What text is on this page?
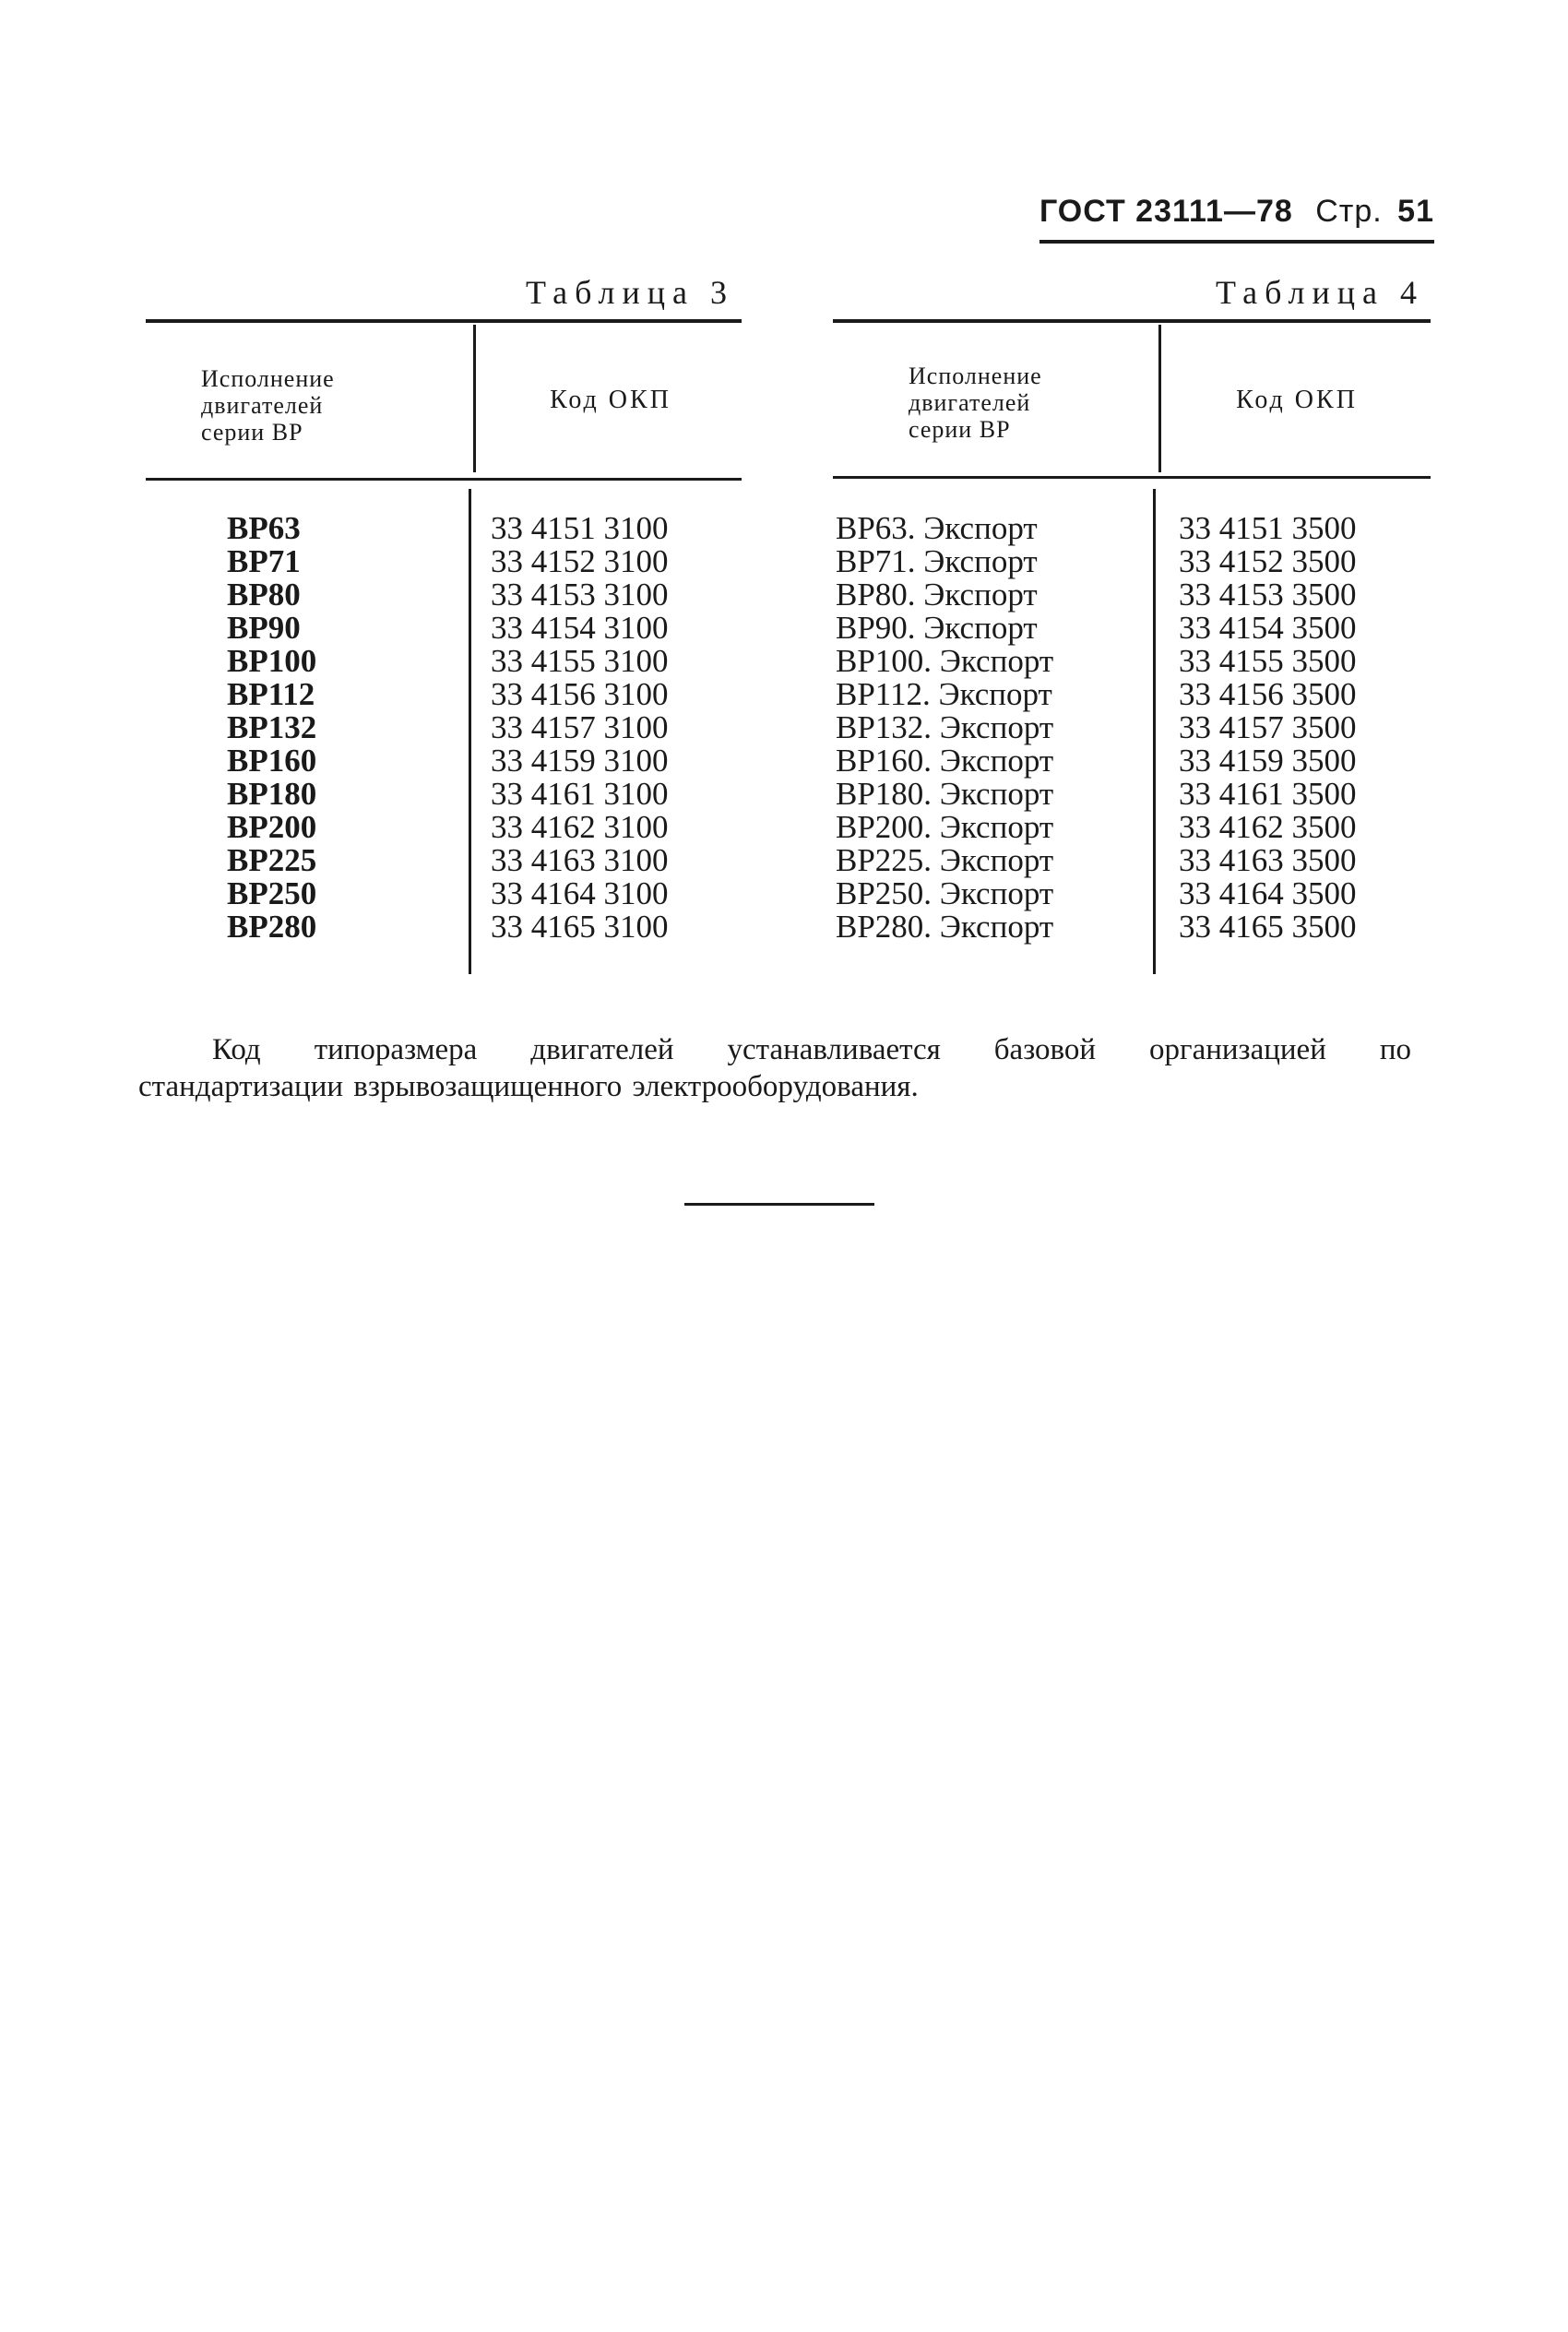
ГОСТ 23111—78 Стр. 51
Таблица 3
Исполнение
двигателей
серии ВР
Код ОКП
ВР63
ВР71
ВР80
ВР90
ВР100
ВР112
ВР132
ВР160
ВР180
ВР200
ВР225
ВР250
ВР280
33 4151 3100
33 4152 3100
33 4153 3100
33 4154 3100
33 4155 3100
33 4156 3100
33 4157 3100
33 4159 3100
33 4161 3100
33 4162 3100
33 4163 3100
33 4164 3100
33 4165 3100
Таблица 4
Исполнение
двигателей
серии ВР
Код ОКП
ВР63. Экспорт
ВР71. Экспорт
ВР80. Экспорт
ВР90. Экспорт
ВР100. Экспорт
ВР112. Экспорт
ВР132. Экспорт
ВР160. Экспорт
ВР180. Экспорт
ВР200. Экспорт
ВР225. Экспорт
ВР250. Экспорт
ВР280. Экспорт
33 4151 3500
33 4152 3500
33 4153 3500
33 4154 3500
33 4155 3500
33 4156 3500
33 4157 3500
33 4159 3500
33 4161 3500
33 4162 3500
33 4163 3500
33 4164 3500
33 4165 3500

Код типоразмера двигателей устанавливается базовой организацией по

стандартизации взрывозащищенного электрооборудования.
